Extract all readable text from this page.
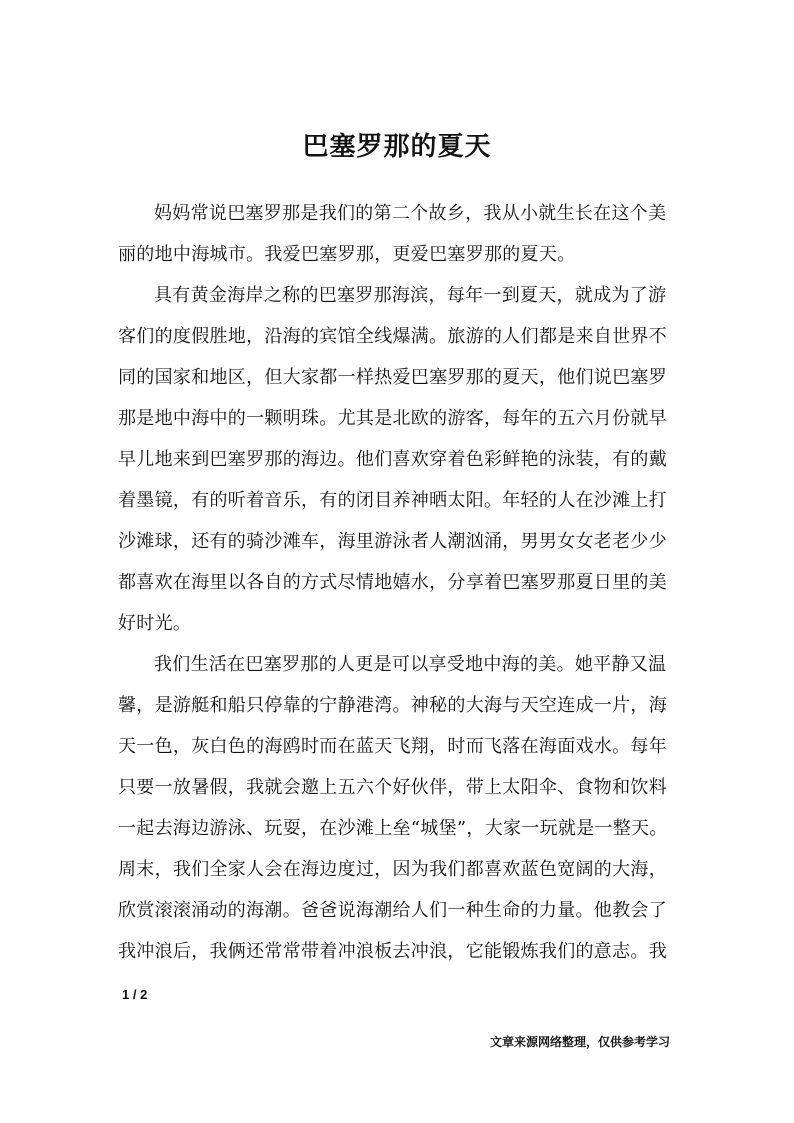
巴塞罗那的夏天

妈妈常说巴塞罗那是我们的第二个故乡，我从小就生长在这个美丽的地中海城市。我爱巴塞罗那，更爱巴塞罗那的夏天。

具有黄金海岸之称的巴塞罗那海滨，每年一到夏天，就成为了游客们的度假胜地，沿海的宾馆全线爆满。旅游的人们都是来自世界不同的国家和地区，但大家都一样热爱巴塞罗那的夏天，他们说巴塞罗那是地中海中的一颗明珠。尤其是北欧的游客，每年的五六月份就早早儿地来到巴塞罗那的海边。他们喜欢穿着色彩鲜艳的泳装，有的戴着墨镜，有的听着音乐，有的闭目养神晒太阳。年轻的人在沙滩上打沙滩球，还有的骑沙滩车，海里游泳者人潮汹涌，男男女女老老少少都喜欢在海里以各自的方式尽情地嬉水，分享着巴塞罗那夏日里的美好时光。

我们生活在巴塞罗那的人更是可以享受地中海的美。她平静又温馨，是游艇和船只停靠的宁静港湾。神秘的大海与天空连成一片，海天一色，灰白色的海鸥时而在蓝天飞翔，时而飞落在海面戏水。每年只要一放暑假，我就会邀上五六个好伙伴，带上太阳伞、食物和饮料一起去海边游泳、玩耍，在沙滩上垒“城堡”，大家一玩就是一整天。周末，我们全家人会在海边度过，因为我们都喜欢蓝色宽阔的大海，欣赏滚滚涌动的海潮。爸爸说海潮给人们一种生命的力量。他教会了我冲浪后，我俩还常常带着冲浪板去冲浪，它能锻炼我们的意志。我

1 / 2
文章来源网络整理，仅供参考学习
